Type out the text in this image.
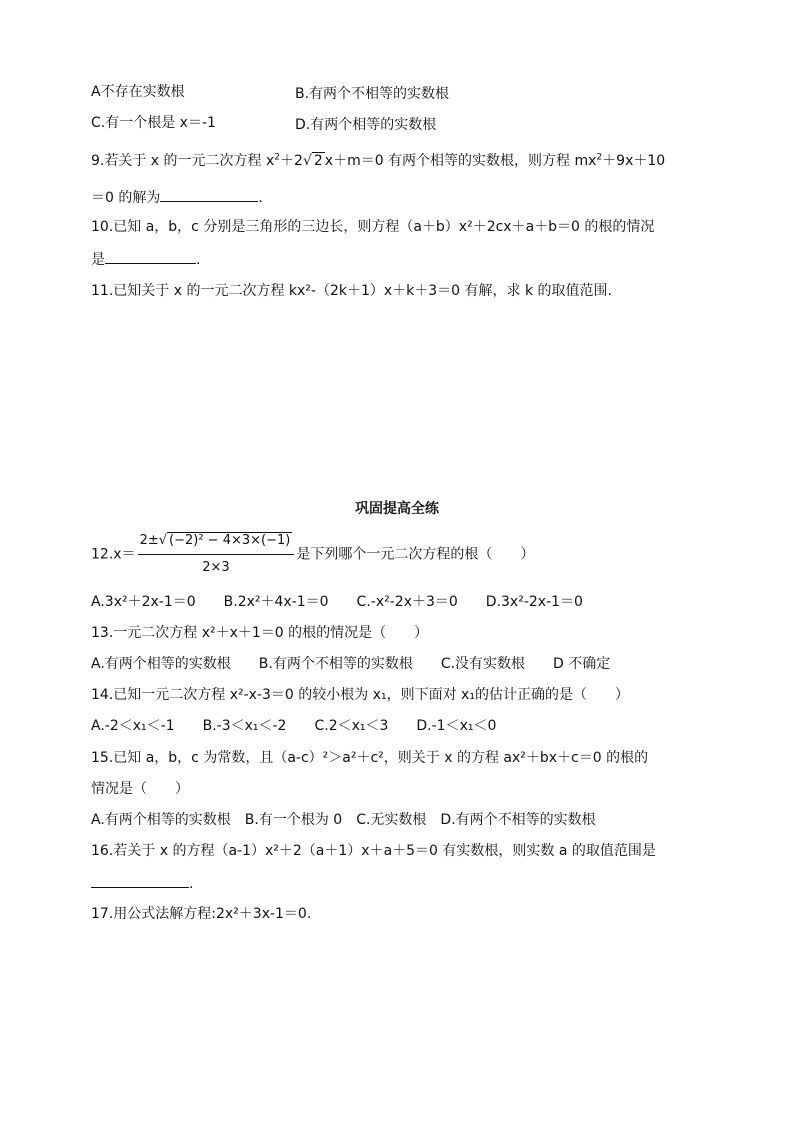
A不存在实数根	B.有两个不相等的实数根
C.有一个根是 x＝-1	D.有两个相等的实数根
9.若关于 x 的一元二次方程 $x^2+2√$ 2 x＋m＝0 有两个相等的实数根，则方程 $mx^2+9x+10$
＝0 的解为	.
10.已知 a，b，c 分别是三角形的三边长，则方程（a＋b）x²＋2cx＋a＋b＝0 的根的情况
是	.
11.已知关于 x 的一元二次方程 kx²-（2k＋1）x＋k＋3＝0 有解，求 k 的取值范围.
巩固提高全练
$12.x= \frac{\text{2±√ (−2)² − 4×3×(−1)}}{2\times 3}$ 是下列哪个一元二次方程的根（　　）
A.3x²＋2x-1＝0　　B.2x²＋4x-1＝0　　C.-x²-2x＋3＝0　　D.3x²-2x-1＝0
13.一元二次方程 x²＋x＋1＝0 的根的情况是（　　）
A.有两个相等的实数根　　B.有两个不相等的实数根　　C.没有实数根　　D 不确定
14.已知一元二次方程 x²-x-3＝0 的较小根为 x₁，则下面对 x₁的估计正确的是（　　）
A.-2＜x₁＜-1　　B.-3＜x₁＜-2　　C.2＜x₁＜3　　D.-1＜x₁＜0
15.已知 a，b，c 为常数，且（a-c）²＞a²＋c²，则关于 x 的方程 ax²＋bx＋c＝0 的根的
情况是（　　）
A.有两个相等的实数根　B.有一个根为 0　C.无实数根　D.有两个不相等的实数根
16.若关于 x 的方程（a-1）x²＋2（a＋1）x＋a＋5＝0 有实数根，则实数 a 的取值范围是
.
17.用公式法解方程:2x²＋3x-1＝0.
